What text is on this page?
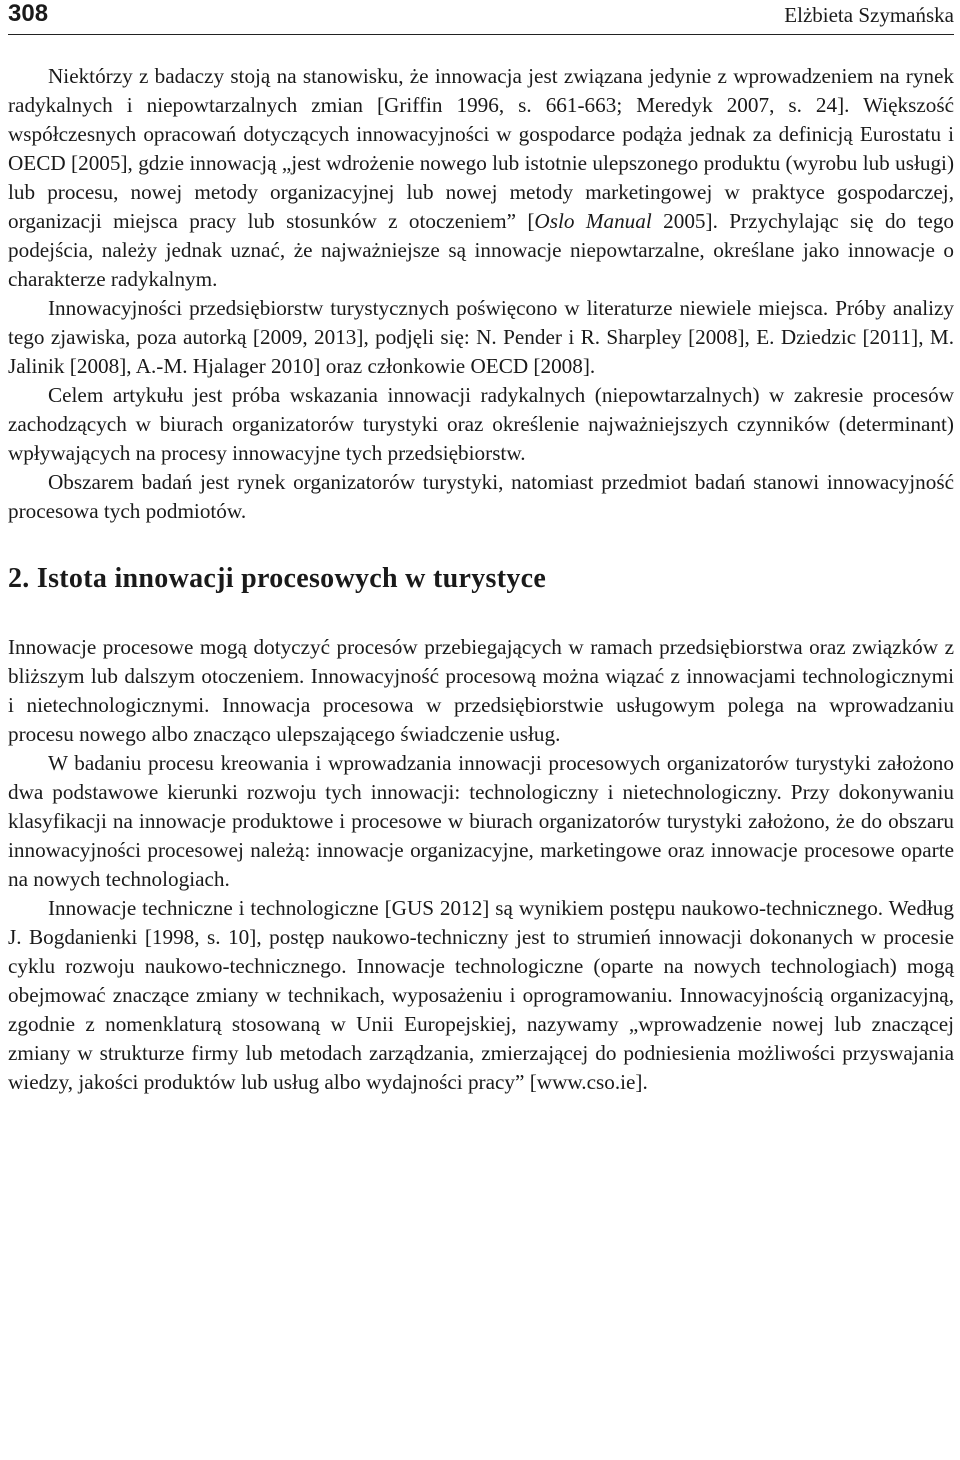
308	Elżbieta Szymańska

Niektórzy z badaczy stoją na stanowisku, że innowacja jest związana jedynie z wprowadzeniem na rynek radykalnych i niepowtarzalnych zmian [Griffin 1996, s. 661-663; Meredyk 2007, s. 24]. Większość współczesnych opracowań dotyczących innowacyjności w gospodarce podąża jednak za definicją Eurostatu i OECD [2005], gdzie innowacją „jest wdrożenie nowego lub istotnie ulepszonego produktu (wyrobu lub usługi) lub procesu, nowej metody organizacyjnej lub nowej metody marketingowej w praktyce gospodarczej, organizacji miejsca pracy lub stosunków z otoczeniem” [Oslo Manual 2005]. Przychylając się do tego podejścia, należy jednak uznać, że najważniejsze są innowacje niepowtarzalne, określane jako innowacje o charakterze radykalnym.

Innowacyjności przedsiębiorstw turystycznych poświęcono w literaturze niewiele miejsca. Próby analizy tego zjawiska, poza autorką [2009, 2013], podjęli się: N. Pender i R. Sharpley [2008], E. Dziedzic [2011], M. Jalinik [2008], A.-M. Hjalager 2010] oraz członkowie OECD [2008].

Celem artykułu jest próba wskazania innowacji radykalnych (niepowtarzalnych) w zakresie procesów zachodzących w biurach organizatorów turystyki oraz określenie najważniejszych czynników (determinant) wpływających na procesy innowacyjne tych przedsiębiorstw.

Obszarem badań jest rynek organizatorów turystyki, natomiast przedmiot badań stanowi innowacyjność procesowa tych podmiotów.

2. Istota innowacji procesowych w turystyce

Innowacje procesowe mogą dotyczyć procesów przebiegających w ramach przedsiębiorstwa oraz związków z bliższym lub dalszym otoczeniem. Innowacyjność procesową można wiązać z innowacjami technologicznymi i nietechnologicznymi. Innowacja procesowa w przedsiębiorstwie usługowym polega na wprowadzaniu procesu nowego albo znacząco ulepszającego świadczenie usług.

W badaniu procesu kreowania i wprowadzania innowacji procesowych organizatorów turystyki założono dwa podstawowe kierunki rozwoju tych innowacji: technologiczny i nietechnologiczny. Przy dokonywaniu klasyfikacji na innowacje produktowe i procesowe w biurach organizatorów turystyki założono, że do obszaru innowacyjności procesowej należą: innowacje organizacyjne, marketingowe oraz innowacje procesowe oparte na nowych technologiach.

Innowacje techniczne i technologiczne [GUS 2012] są wynikiem postępu naukowo-technicznego. Według J. Bogdanienki [1998, s. 10], postęp naukowo-techniczny jest to strumień innowacji dokonanych w procesie cyklu rozwoju naukowo-technicznego. Innowacje technologiczne (oparte na nowych technologiach) mogą obejmować znaczące zmiany w technikach, wyposażeniu i oprogramowaniu. Innowacyjnością organizacyjną, zgodnie z nomenklaturą stosowaną w Unii Europejskiej, nazywamy „wprowadzenie nowej lub znaczącej zmiany w strukturze firmy lub metodach zarządzania, zmierzającej do podniesienia możliwości przyswajania wiedzy, jakości produktów lub usług albo wydajności pracy” [www.cso.ie].
